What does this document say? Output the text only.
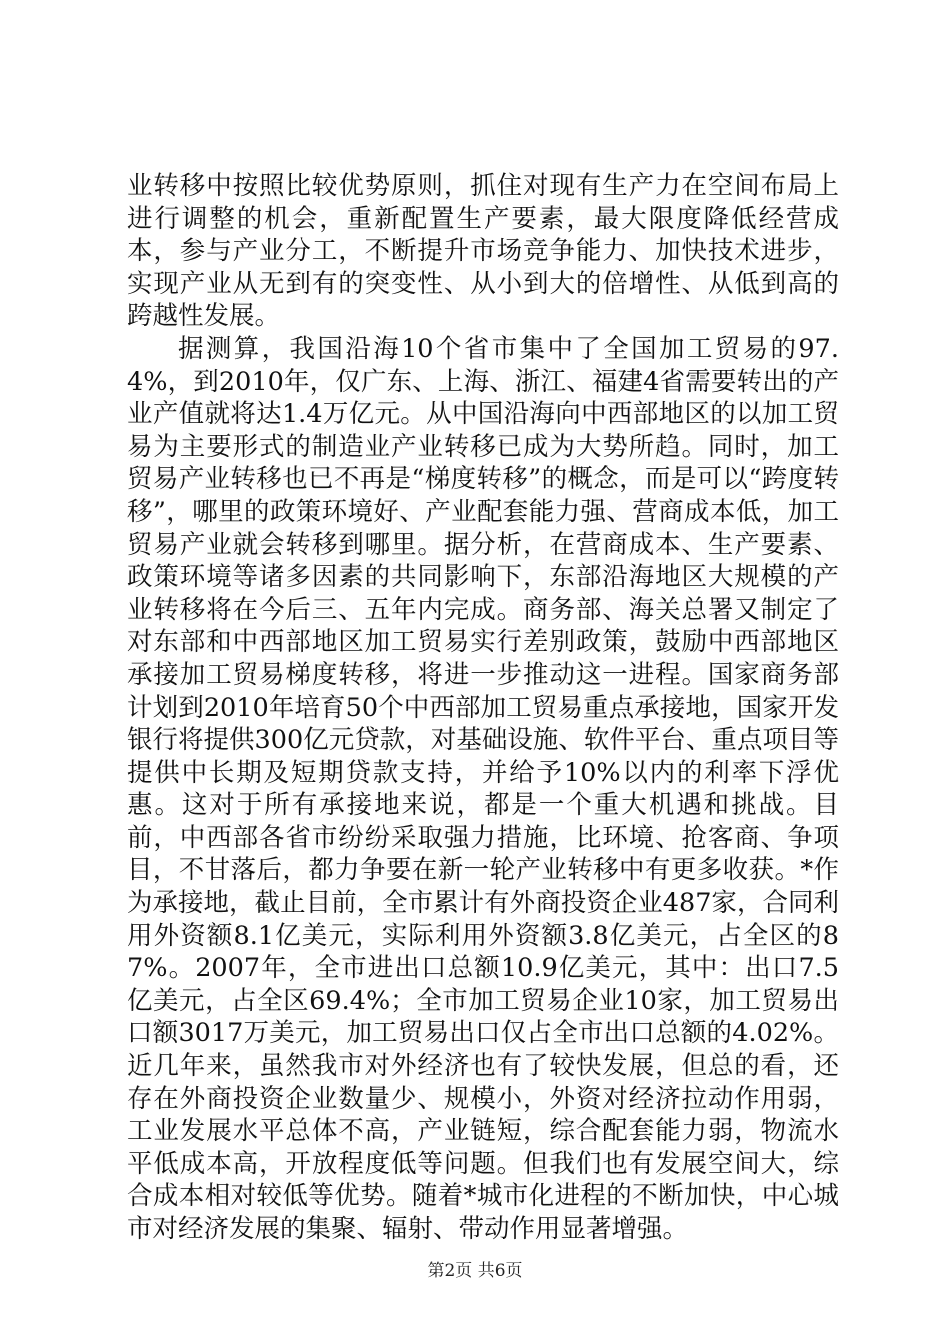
业转移中按照比较优势原则，抓住对现有生产力在空间布局上进行调整的机会，重新配置生产要素，最大限度降低经营成本，参与产业分工，不断提升市场竞争能力、加快技术进步，实现产业从无到有的突变性、从小到大的倍增性、从低到高的跨越性发展。

据测算，我国沿海10个省市集中了全国加工贸易的97.4%，到2010年，仅广东、上海、浙江、福建4省需要转出的产业产值就将达1.4万亿元。从中国沿海向中西部地区的以加工贸易为主要形式的制造业产业转移已成为大势所趋。同时，加工贸易产业转移也已不再是“梯度转移”的概念，而是可以“跨度转移”，哪里的政策环境好、产业配套能力强、营商成本低，加工贸易产业就会转移到哪里。据分析，在营商成本、生产要素、政策环境等诸多因素的共同影响下，东部沿海地区大规模的产业转移将在今后三、五年内完成。商务部、海关总署又制定了对东部和中西部地区加工贸易实行差别政策，鼓励中西部地区承接加工贸易梯度转移，将进一步推动这一进程。国家商务部计划到2010年培育50个中西部加工贸易重点承接地，国家开发银行将提供300亿元贷款，对基础设施、软件平台、重点项目等提供中长期及短期贷款支持，并给予10%以内的利率下浮优惠。这对于所有承接地来说，都是一个重大机遇和挑战。目前，中西部各省市纷纷采取强力措施，比环境、抢客商、争项目，不甘落后，都力争要在新一轮产业转移中有更多收获。*作为承接地，截止目前，全市累计有外商投资企业487家，合同利用外资额8.1亿美元，实际利用外资额3.8亿美元，占全区的87%。2007年，全市进出口总额10.9亿美元，其中：出口7.5亿美元，占全区69.4%；全市加工贸易企业10家，加工贸易出口额3017万美元，加工贸易出口仅占全市出口总额的4.02%。近几年来，虽然我市对外经济也有了较快发展，但总的看，还存在外商投资企业数量少、规模小，外资对经济拉动作用弱，工业发展水平总体不高，产业链短，综合配套能力弱，物流水平低成本高，开放程度低等问题。但我们也有发展空间大，综合成本相对较低等优势。随着*城市化进程的不断加快，中心城市对经济发展的集聚、辐射、带动作用显著增强。

第2页 共6页
